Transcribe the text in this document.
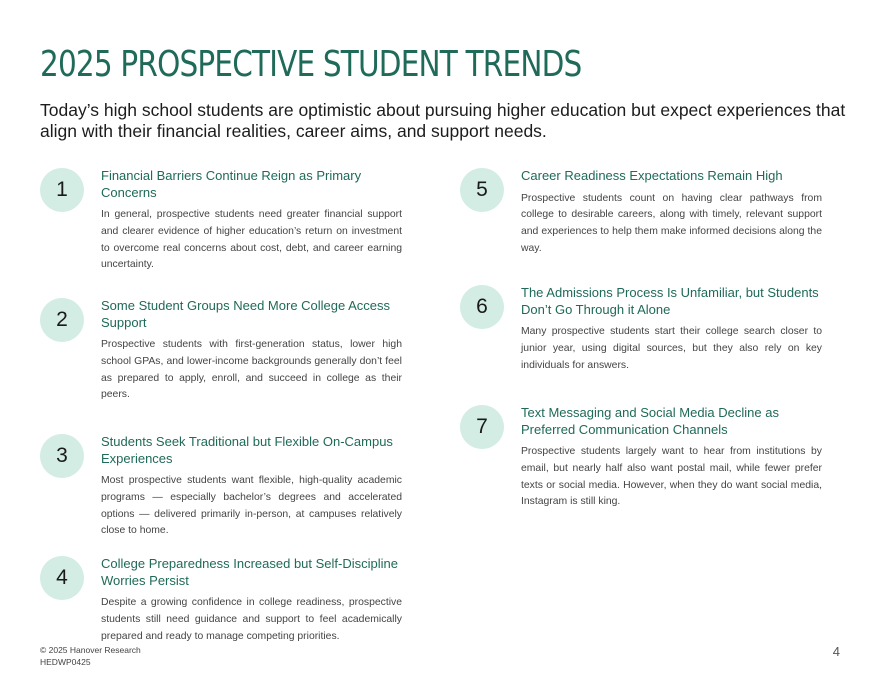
2025 PROSPECTIVE STUDENT TRENDS
Today’s high school students are optimistic about pursuing higher education but expect experiences that align with their financial realities, career aims, and support needs.
1

Financial Barriers Continue Reign as Primary Concerns

In general, prospective students need greater financial support and clearer evidence of higher education’s return on investment to overcome real concerns about cost, debt, and career earning uncertainty.

2

Some Student Groups Need More College Access Support

Prospective students with first-generation status, lower high school GPAs, and lower-income backgrounds generally don’t feel as prepared to apply, enroll, and succeed in college as their peers.

3

Students Seek Traditional but Flexible On-Campus Experiences

Most prospective students want flexible, high-quality academic programs — especially bachelor’s degrees and accelerated options — delivered primarily in-person, at campuses relatively close to home.

4

College Preparedness Increased but Self-Discipline Worries Persist

Despite a growing confidence in college readiness, prospective students still need guidance and support to feel academically prepared and ready to manage competing priorities.

5

Career Readiness Expectations Remain High

Prospective students count on having clear pathways from college to desirable careers, along with timely, relevant support and experiences to help them make informed decisions along the way.

6

The Admissions Process Is Unfamiliar, but Students Don’t Go Through it Alone

Many prospective students start their college search closer to junior year, using digital sources, but they also rely on key individuals for answers.

7

Text Messaging and Social Media Decline as Preferred Communication Channels

Prospective students largely want to hear from institutions by email, but nearly half also want postal mail, while fewer prefer texts or social media. However, when they do want social media, Instagram is still king.

© 2025 Hanover Research
HEDWP0425
4
